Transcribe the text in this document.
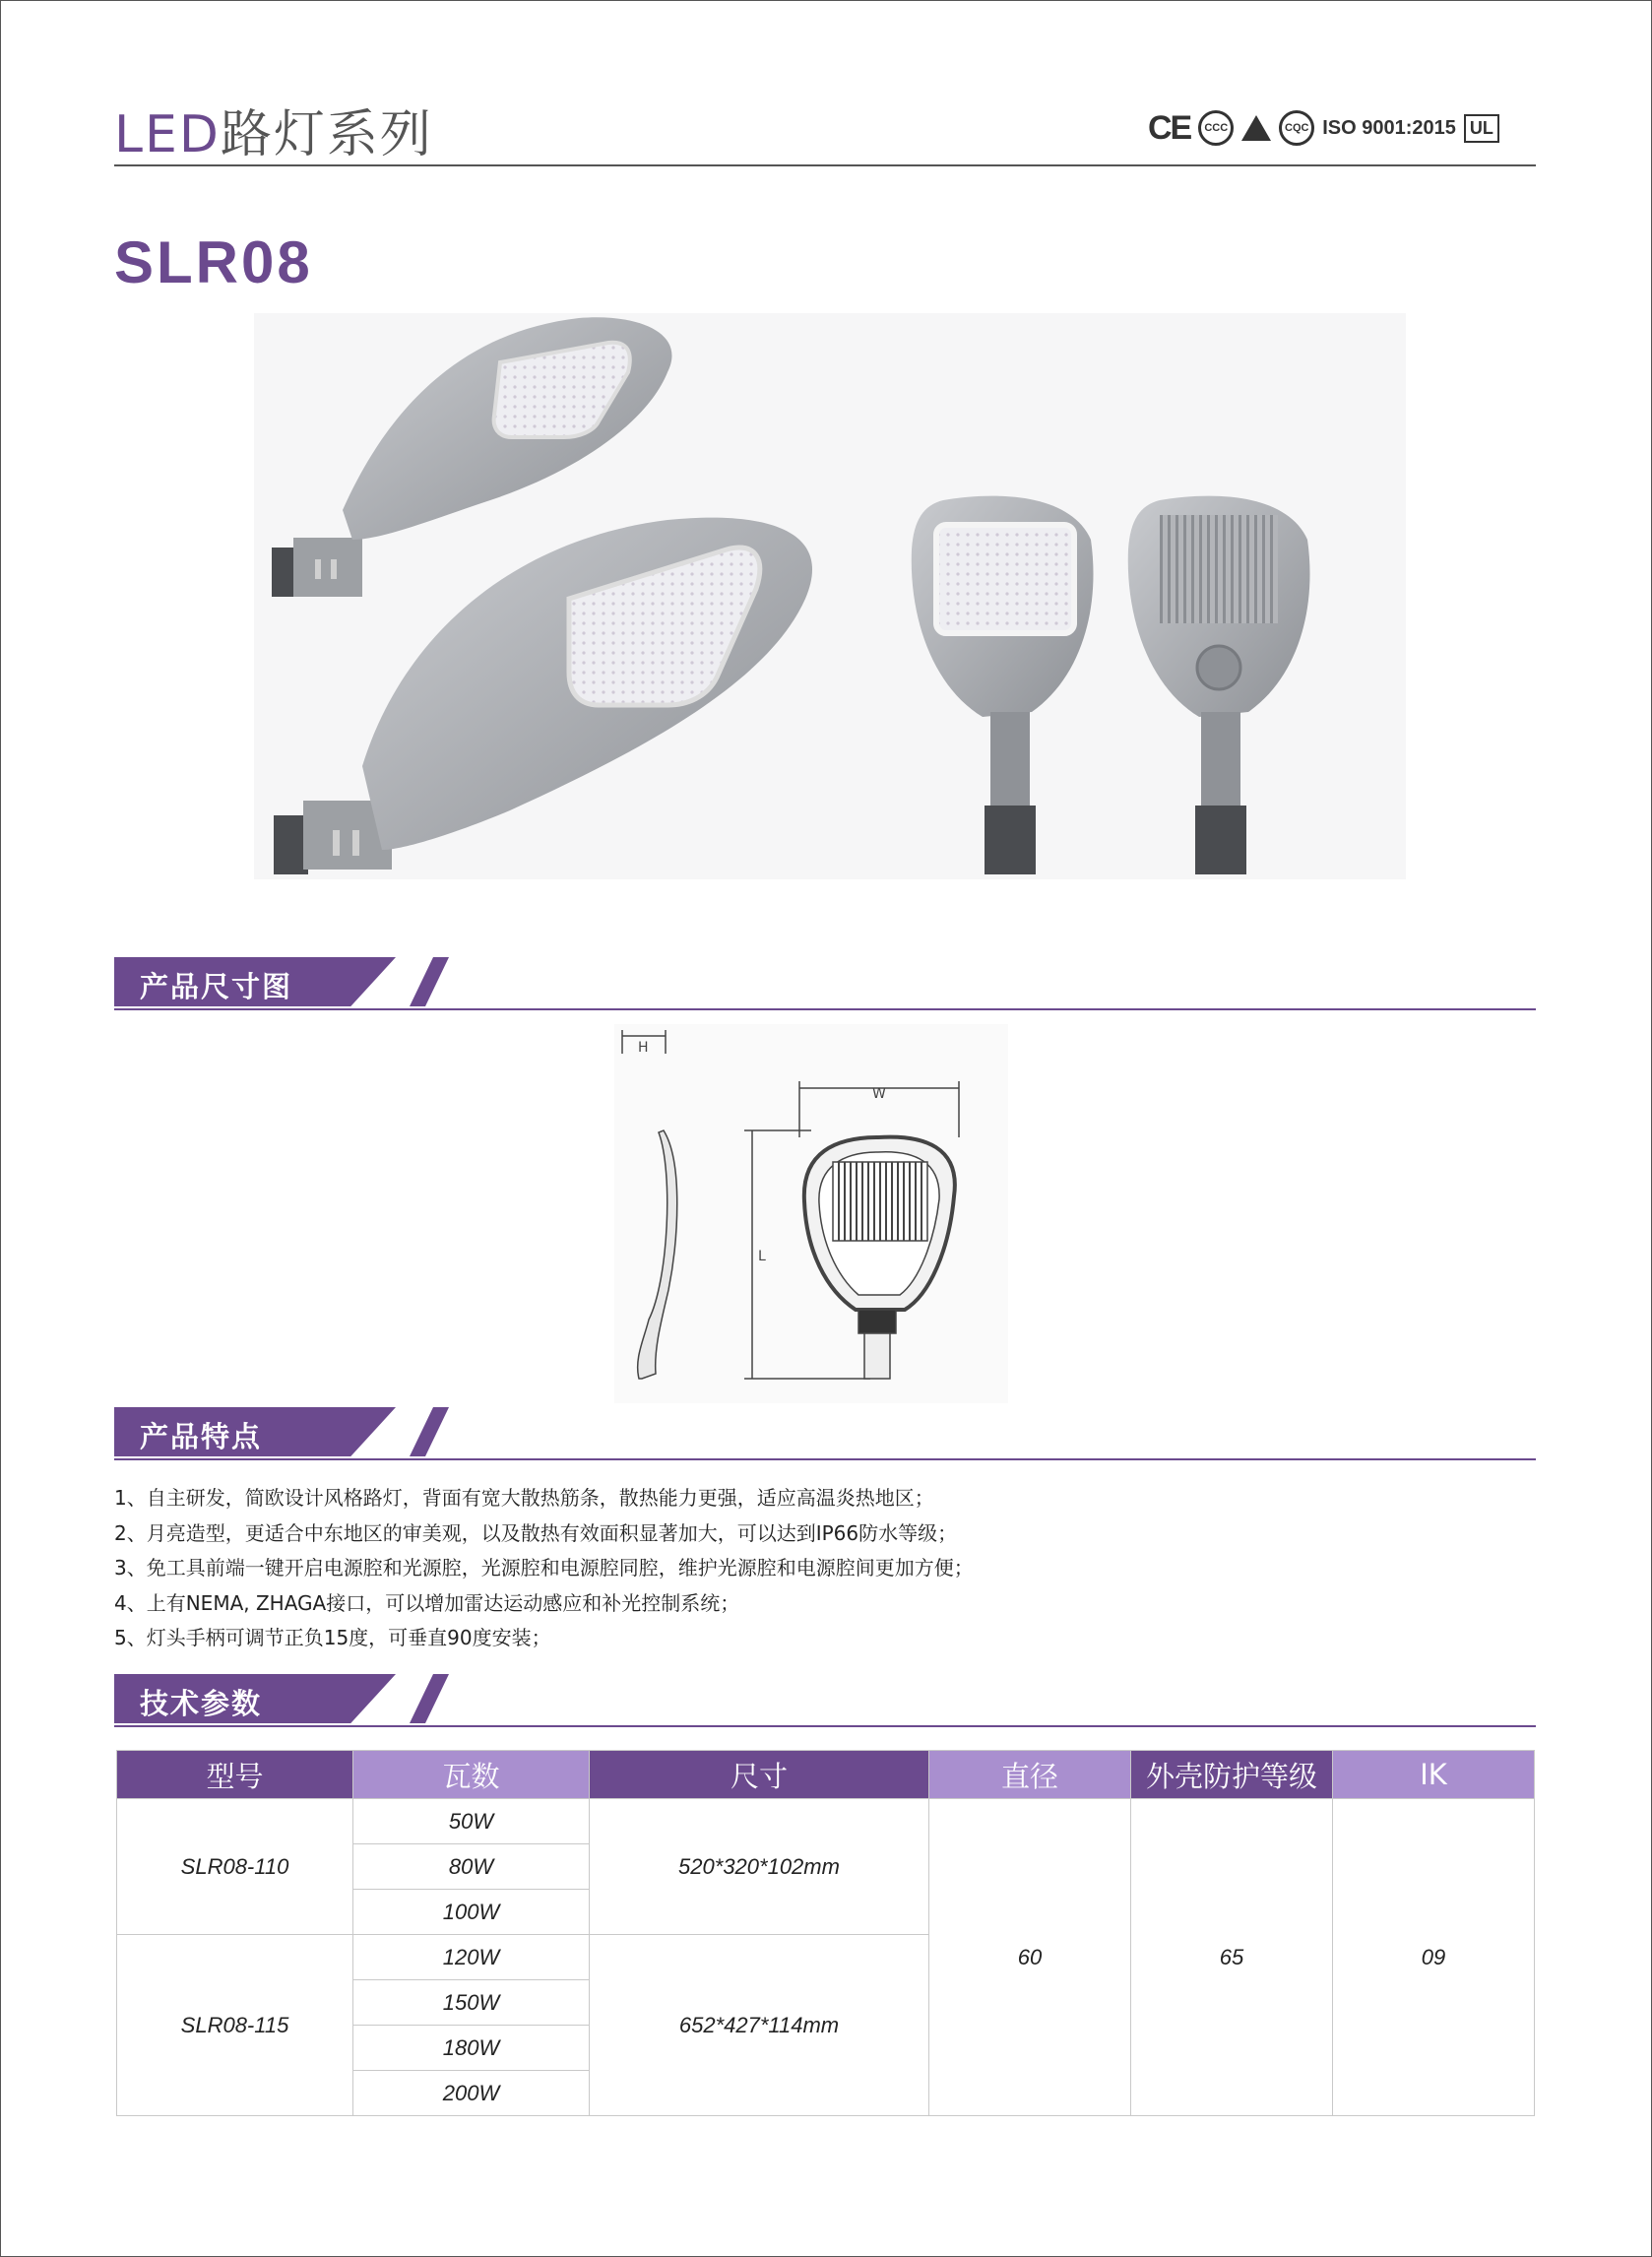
LED路灯系列	CE	CCC	CQC ISO 9001:2015 UL
SLR08
产品尺寸图
H
W
L
产品特点
1、自主研发，简欧设计风格路灯，背面有宽大散热筋条，散热能力更强，适应高温炎热地区；
2、月亮造型，更适合中东地区的审美观，以及散热有效面积显著加大，可以达到IP66防水等级；
3、免工具前端一键开启电源腔和光源腔，光源腔和电源腔同腔，维护光源腔和电源腔间更加方便；
4、上有NEMA, ZHAGA接口，可以增加雷达运动感应和补光控制系统；
5、灯头手柄可调节正负15度，可垂直90度安装；
技术参数
型号	瓦数	尺寸	直径	外壳防护等级	IK
SLR08-110	50W	520*320*102mm	60	65	09
	80W				
	100W				
SLR08-115	120W	652*427*114mm			
	150W				
	180W				
	200W				
